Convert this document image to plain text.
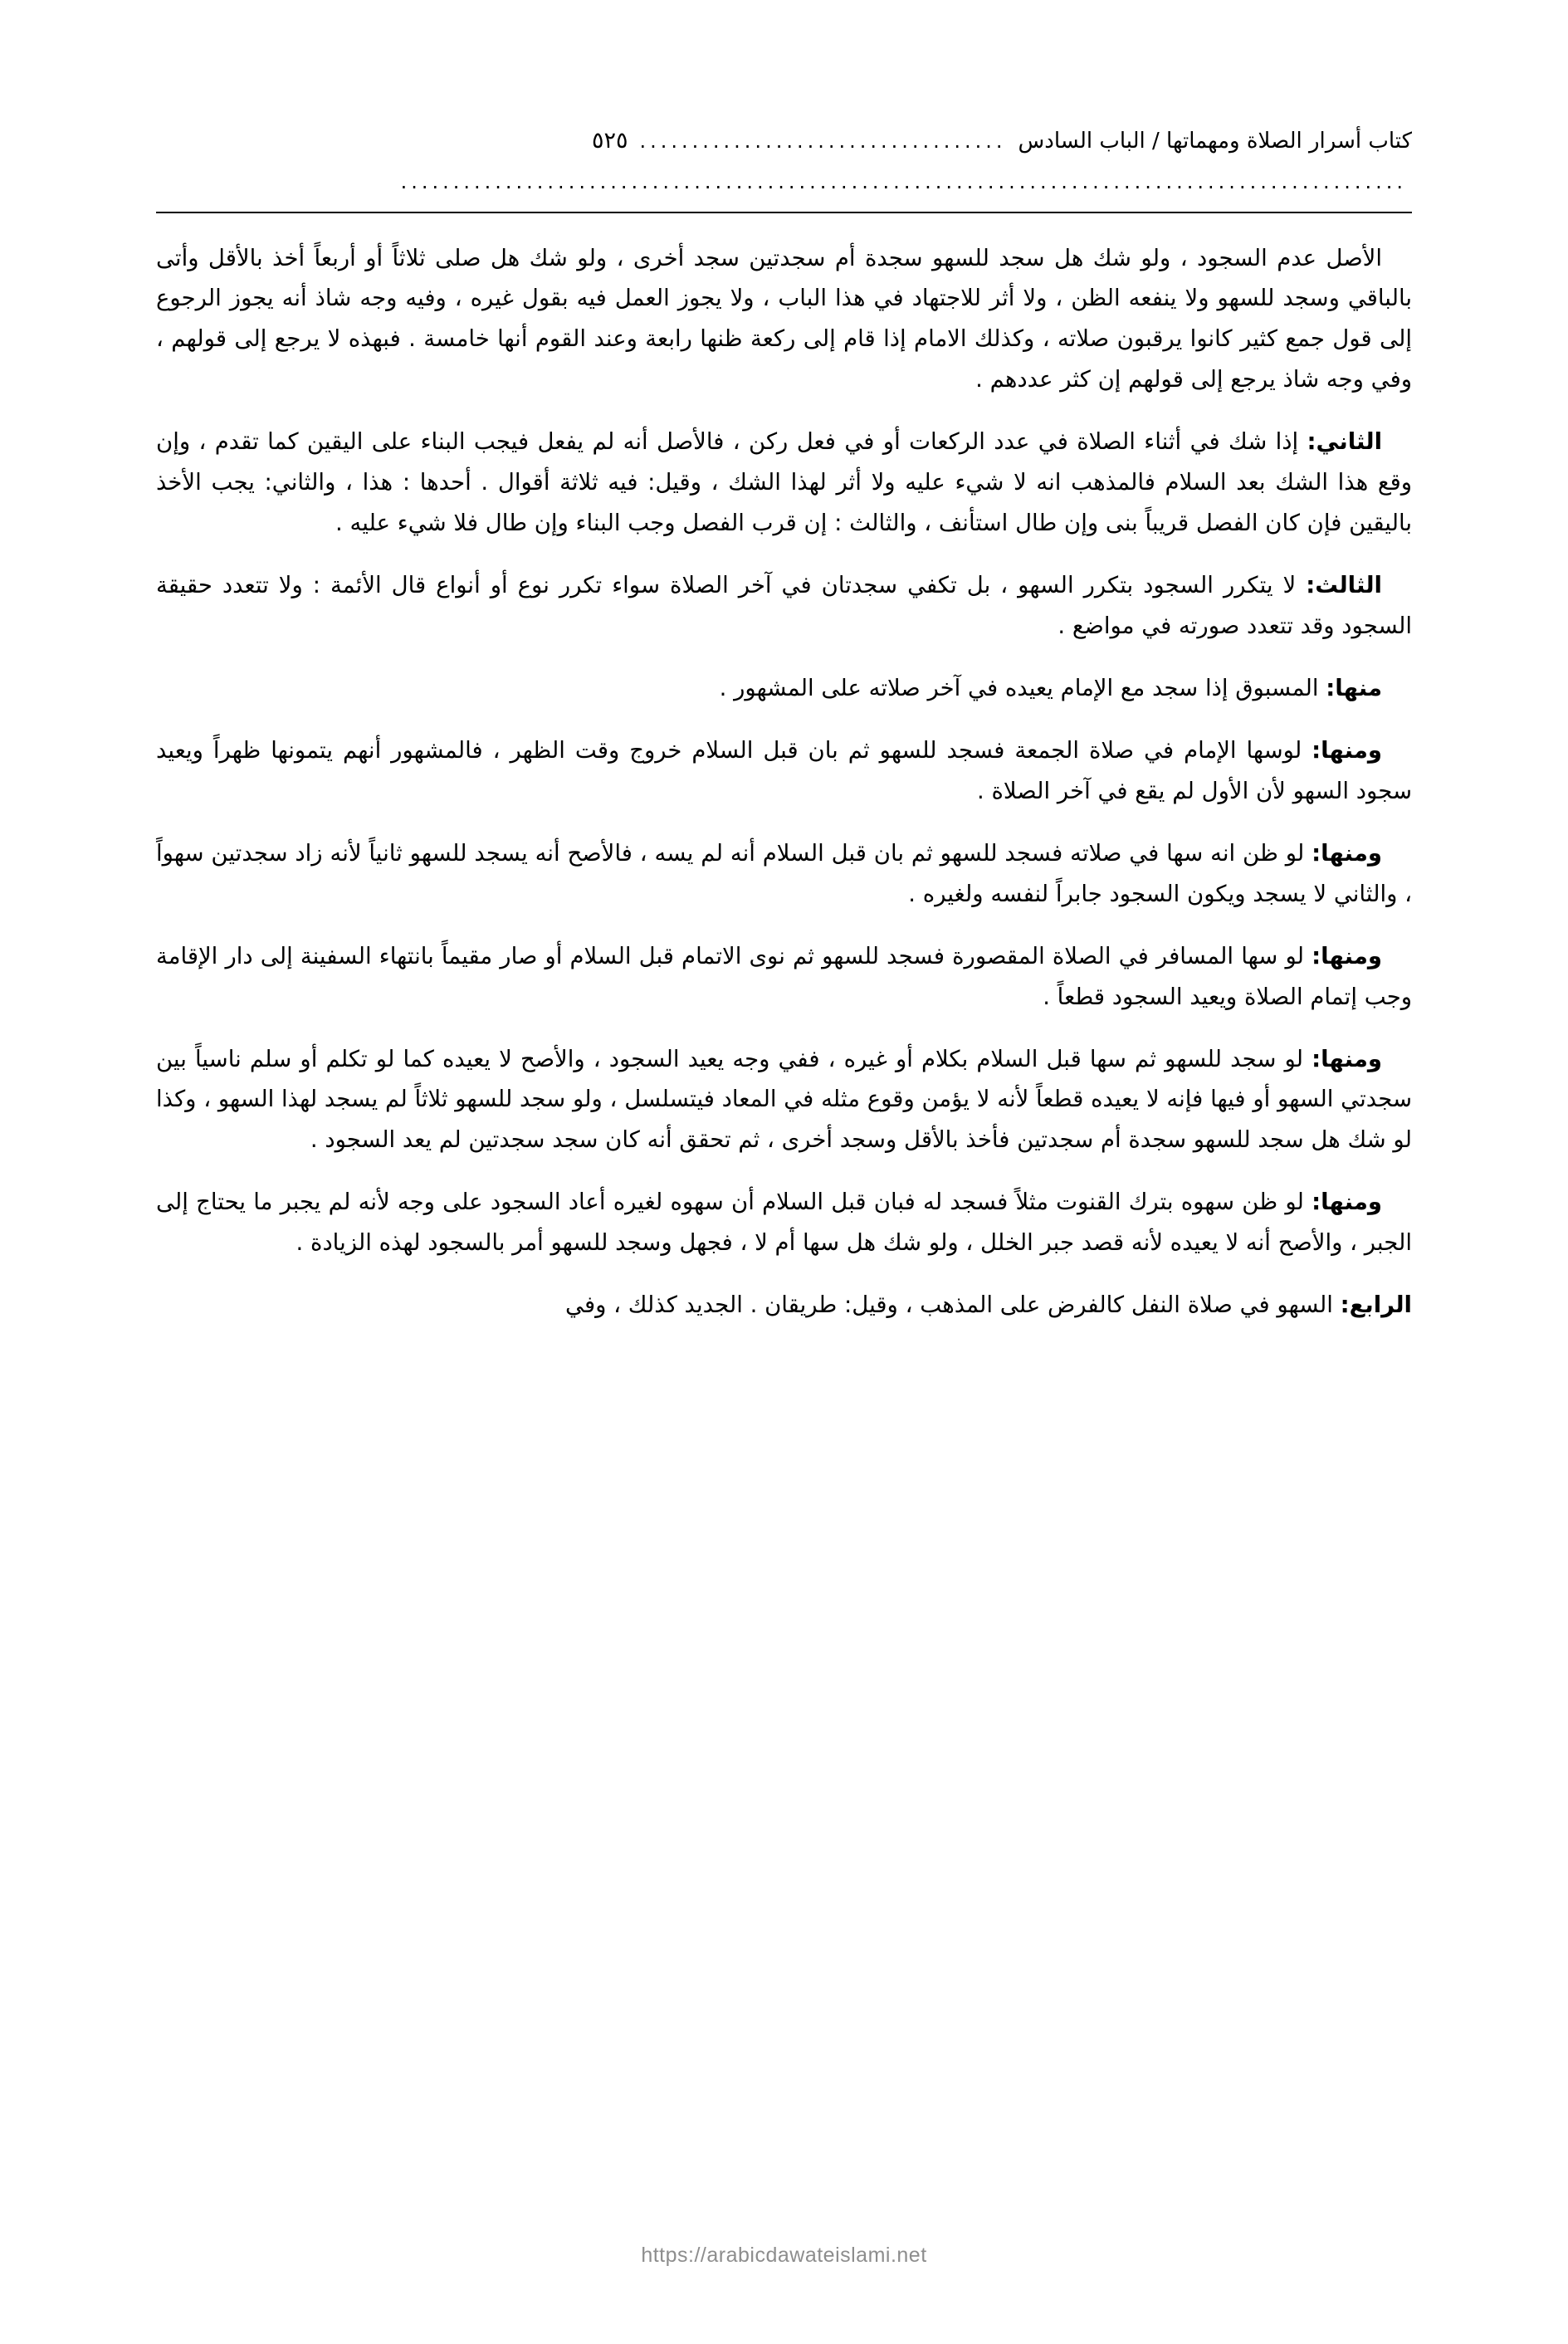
كتاب أسرار الصلاة ومهماتها / الباب السادس
...................................
٥٢٥
................................................................................................

الأصل عدم السجود ، ولو شك هل سجد للسهو سجدة أم سجدتين سجد أخرى ، ولو شك هل صلى ثلاثاً أو أربعاً أخذ بالأقل وأتى بالباقي وسجد للسهو ولا ينفعه الظن ، ولا أثر للاجتهاد في هذا الباب ، ولا يجوز العمل فيه بقول غيره ، وفيه وجه شاذ أنه يجوز الرجوع إلى قول جمع كثير كانوا يرقبون صلاته ، وكذلك الامام إذا قام إلى ركعة ظنها رابعة وعند القوم أنها خامسة . فبهذه لا يرجع إلى قولهم ، وفي وجه شاذ يرجع إلى قولهم إن كثر عددهم .

الثاني: إذا شك في أثناء الصلاة في عدد الركعات أو في فعل ركن ، فالأصل أنه لم يفعل فيجب البناء على اليقين كما تقدم ، وإن وقع هذا الشك بعد السلام فالمذهب انه لا شيء عليه ولا أثر لهذا الشك ، وقيل: فيه ثلاثة أقوال . أحدها : هذا ، والثاني: يجب الأخذ باليقين فإن كان الفصل قريباً بنى وإن طال استأنف ، والثالث : إن قرب الفصل وجب البناء وإن طال فلا شيء عليه .

الثالث: لا يتكرر السجود بتكرر السهو ، بل تكفي سجدتان في آخر الصلاة سواء تكرر نوع أو أنواع قال الأئمة : ولا تتعدد حقيقة السجود وقد تتعدد صورته في مواضع .

منها: المسبوق إذا سجد مع الإمام يعيده في آخر صلاته على المشهور .

ومنها: لوسها الإمام في صلاة الجمعة فسجد للسهو ثم بان قبل السلام خروج وقت الظهر ، فالمشهور أنهم يتمونها ظهراً ويعيد سجود السهو لأن الأول لم يقع في آخر الصلاة .

ومنها: لو ظن انه سها في صلاته فسجد للسهو ثم بان قبل السلام أنه لم يسه ، فالأصح أنه يسجد للسهو ثانياً لأنه زاد سجدتين سهواً ، والثاني لا يسجد ويكون السجود جابراً لنفسه ولغيره .

ومنها: لو سها المسافر في الصلاة المقصورة فسجد للسهو ثم نوى الاتمام قبل السلام أو صار مقيماً بانتهاء السفينة إلى دار الإقامة وجب إتمام الصلاة ويعيد السجود قطعاً .

ومنها: لو سجد للسهو ثم سها قبل السلام بكلام أو غيره ، ففي وجه يعيد السجود ، والأصح لا يعيده كما لو تكلم أو سلم ناسياً بين سجدتي السهو أو فيها فإنه لا يعيده قطعاً لأنه لا يؤمن وقوع مثله في المعاد فيتسلسل ، ولو سجد للسهو ثلاثاً لم يسجد لهذا السهو ، وكذا لو شك هل سجد للسهو سجدة أم سجدتين فأخذ بالأقل وسجد أخرى ، ثم تحقق أنه كان سجد سجدتين لم يعد السجود .

ومنها: لو ظن سهوه بترك القنوت مثلاً فسجد له فبان قبل السلام أن سهوه لغيره أعاد السجود على وجه لأنه لم يجبر ما يحتاج إلى الجبر ، والأصح أنه لا يعيده لأنه قصد جبر الخلل ، ولو شك هل سها أم لا ، فجهل وسجد للسهو أمر بالسجود لهذه الزيادة .

الرابع: السهو في صلاة النفل كالفرض على المذهب ، وقيل: طريقان . الجديد كذلك ، وفي

https://arabicdawateislami.net
